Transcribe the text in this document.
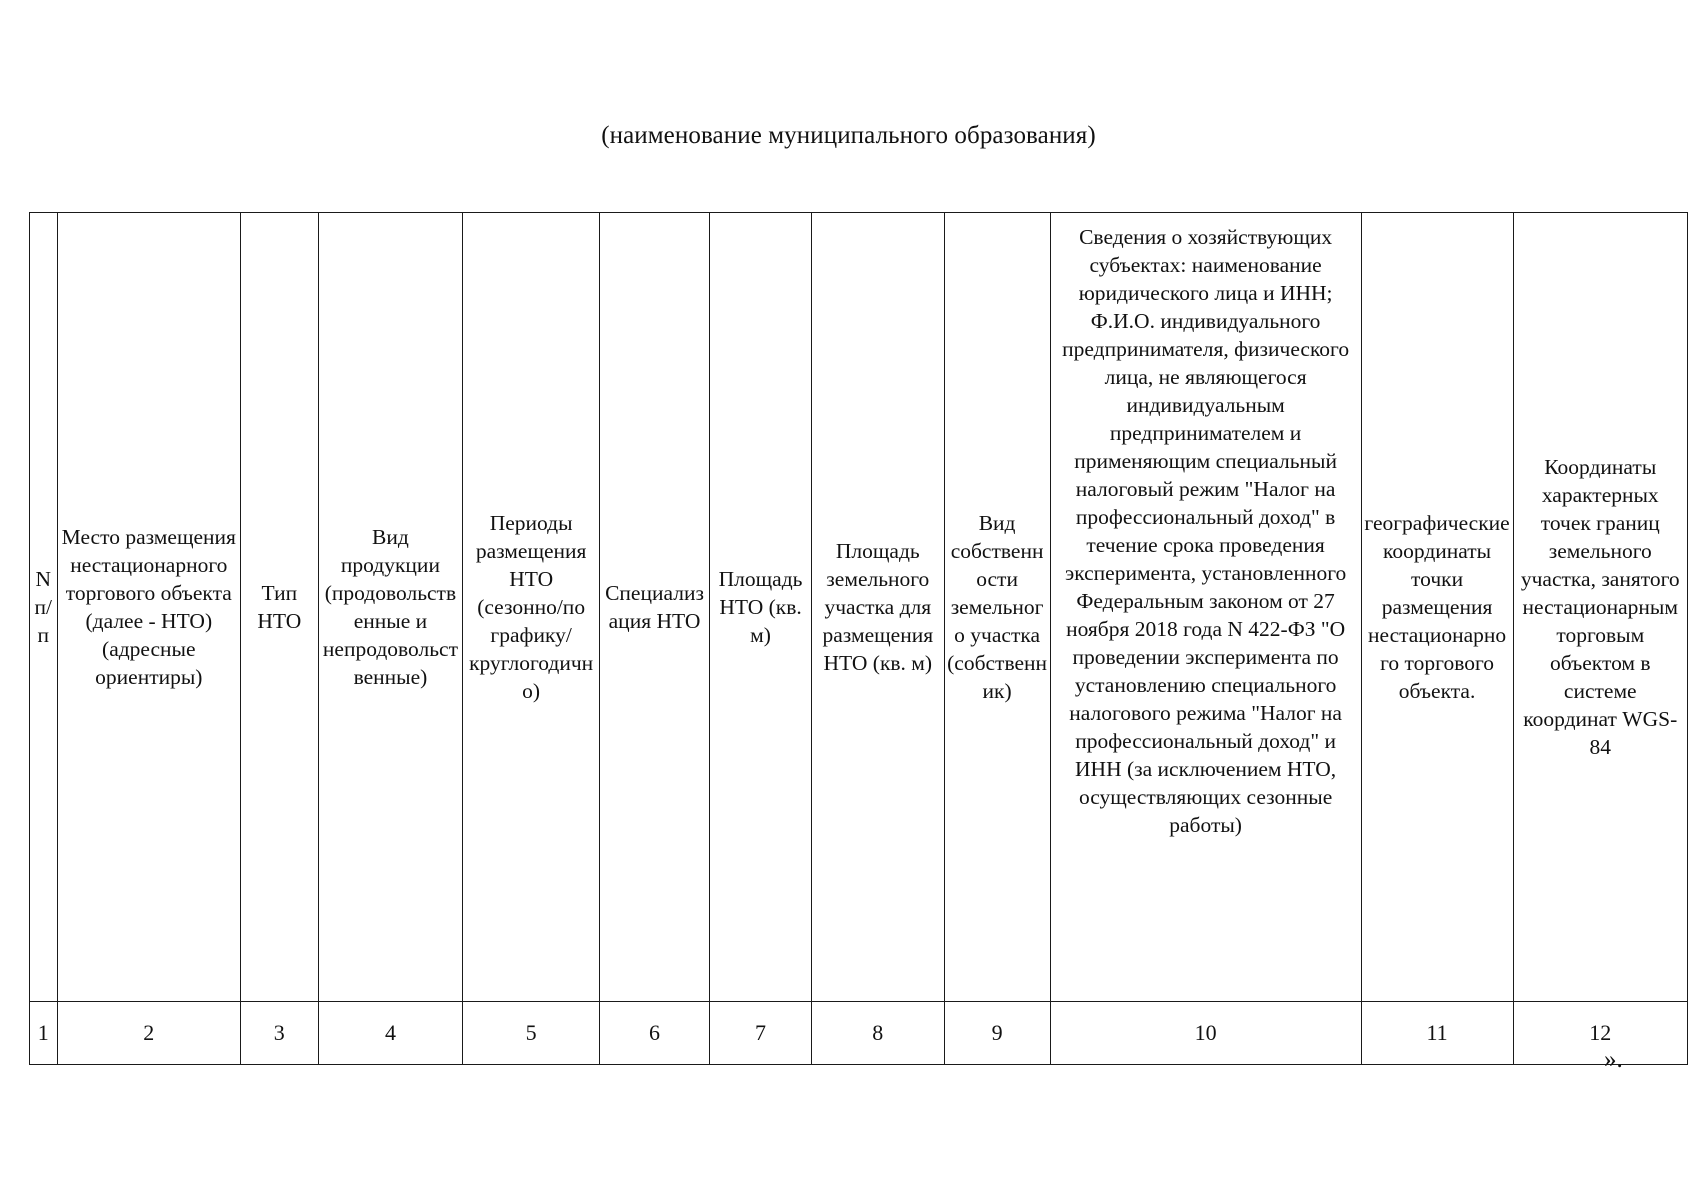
(наименование муниципального образования)
N п/п	Место размещения нестационарного торгового объекта (далее - НТО) (адресные ориентиры)	Тип НТО	Вид продукции (продовольственные и непродовольственные)	Периоды размещения НТО (сезонно/по графику/круглогодично)	Специализация НТО	Площадь НТО (кв. м)	Площадь земельного участка для размещения НТО (кв. м)	Вид собственности земельного участка (собственник)	Сведения о хозяйствующих субъектах: наименование юридического лица и ИНН; Ф.И.О. индивидуального предпринимателя, физического лица, не являющегося индивидуальным предпринимателем и применяющим специальный налоговый режим "Налог на профессиональный доход" в течение срока проведения эксперимента, установленного Федеральным законом от 27 ноября 2018 года N 422-ФЗ "О проведении эксперимента по установлению специального налогового режима "Налог на профессиональный доход" и ИНН (за исключением НТО, осуществляющих сезонные работы)	географические координаты точки размещения нестационарного торгового объекта.	Координаты характерных точек границ земельного участка, занятого нестационарным торговым объектом в системе координат WGS-84
1	2	3	4	5	6	7	8	9	10	11	12
».
